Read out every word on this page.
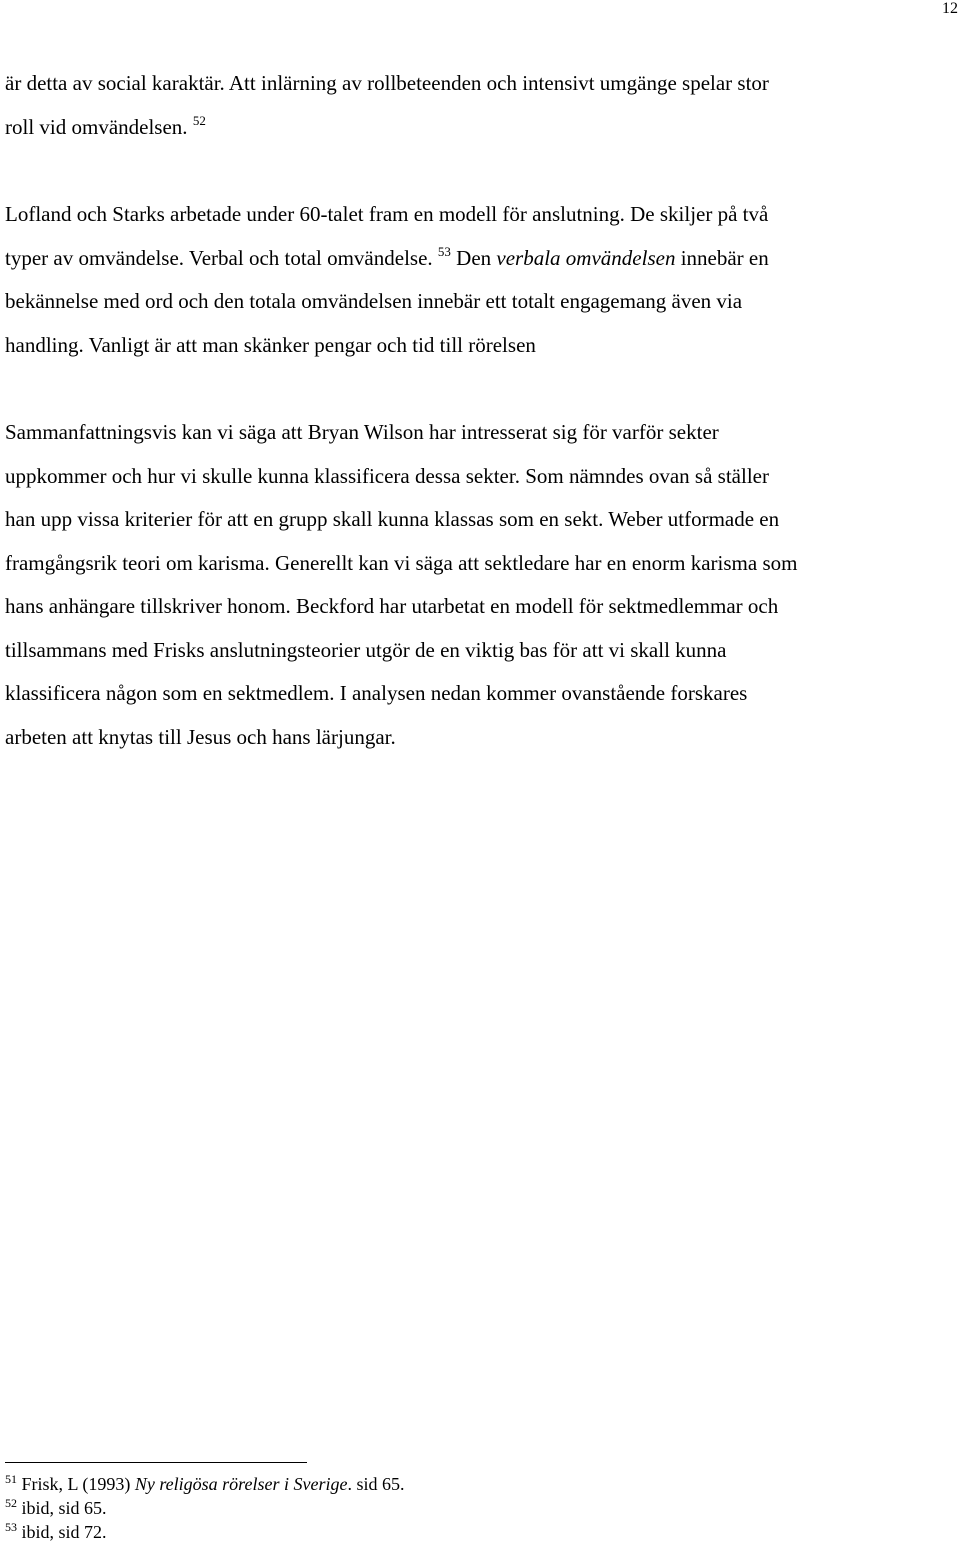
12
är detta av social karaktär. Att inlärning av rollbeteenden och intensivt umgänge spelar stor
roll vid omvändelsen. $^{52}$
Lofland och Starks arbetade under 60-talet fram en modell för anslutning. De skiljer på två
typer av omvändelse. Verbal och total omvändelse. $^{53}$ Den verbala omvändelsen innebär en
bekännelse med ord och den totala omvändelsen innebär ett totalt engagemang även via
handling. Vanligt är att man skänker pengar och tid till rörelsen
Sammanfattningsvis kan vi säga att Bryan Wilson har intresserat sig för varför sekter
uppkommer och hur vi skulle kunna klassificera dessa sekter. Som nämndes ovan så ställer
han upp vissa kriterier för att en grupp skall kunna klassas som en sekt. Weber utformade en
framgångsrik teori om karisma. Generellt kan vi säga att sektledare har en enorm karisma som
hans anhängare tillskriver honom. Beckford har utarbetat en modell för sektmedlemmar och
tillsammans med Frisks anslutningsteorier utgör de en viktig bas för att vi skall kunna
klassificera någon som en sektmedlem. I analysen nedan kommer ovanstående forskares
arbeten att knytas till Jesus och hans lärjungar.
$^{51}$ Frisk, L (1993) Ny religösa rörelser i Sverige. sid 65.
$^{52}$ ibid, sid 65.
$^{53}$ ibid, sid 72.
